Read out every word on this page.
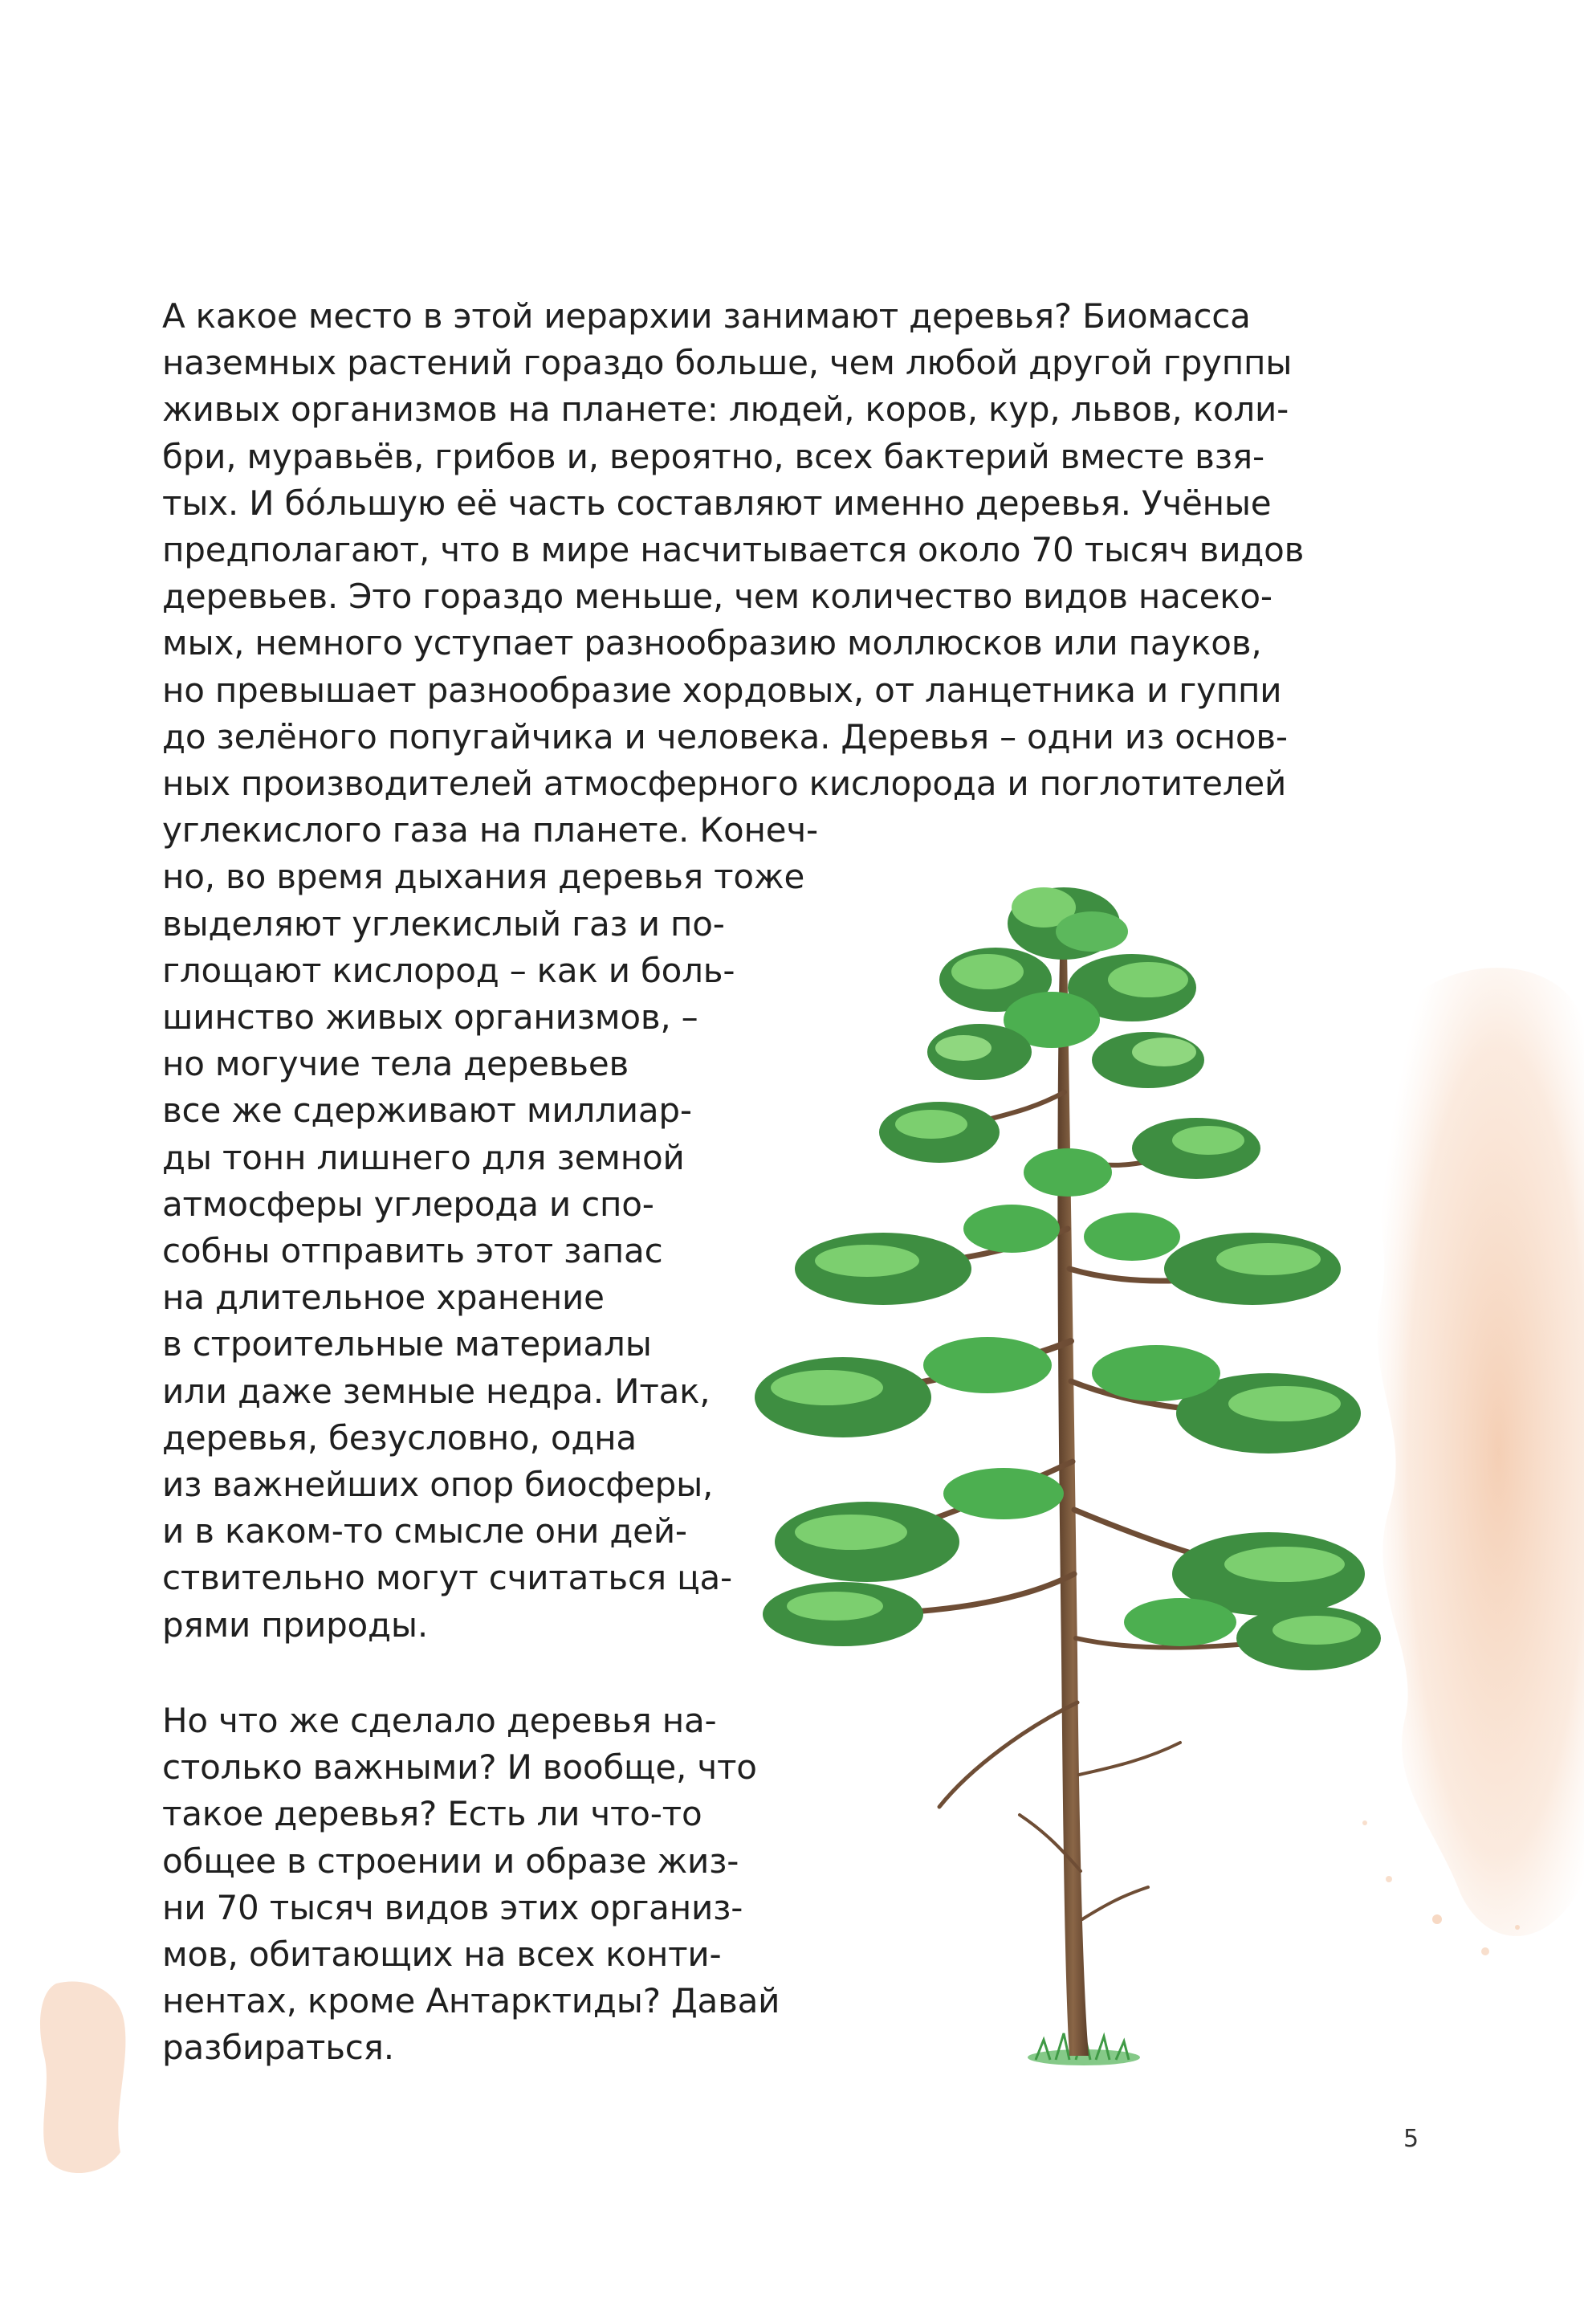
А какое место в этой иерархии занимают деревья? Биомасса
наземных растений гораздо больше, чем любой другой группы
живых организмов на планете: людей, коров, кур, львов, коли-
бри, муравьёв, грибов и, вероятно, всех бактерий вместе взя-
тых. И бо́льшую её часть составляют именно деревья. Учёные
предполагают, что в мире насчитывается около 70 тысяч видов
деревьев. Это гораздо меньше, чем количество видов насеко-
мых, немного уступает разнообразию моллюсков или пауков,
но превышает разнообразие хордовых, от ланцетника и гуппи
до зелёного попугайчика и человека. Деревья – одни из основ-
ных производителей атмосферного кислорода и поглотителей
углекислого газа на планете. Конеч-
но, во время дыхания деревья тоже
выделяют углекислый газ и по-
глощают кислород – как и боль-
шинство живых организмов, –
но могучие тела деревьев
все же сдерживают миллиар-
ды тонн лишнего для земной
атмосферы углерода и спо-
собны отправить этот запас
на длительное хранение
в строительные материалы
или даже земные недра. Итак,
деревья, безусловно, одна
из важнейших опор биосферы,
и в каком-то смысле они дей-
ствительно могут считаться ца-
рями природы.
Но что же сделало деревья на-
столько важными? И вообще, что
такое деревья? Есть ли что-то
общее в строении и образе жиз-
ни 70 тысяч видов этих организ-
мов, обитающих на всех конти-
нентах, кроме Антарктиды? Давай
разбираться.
5
